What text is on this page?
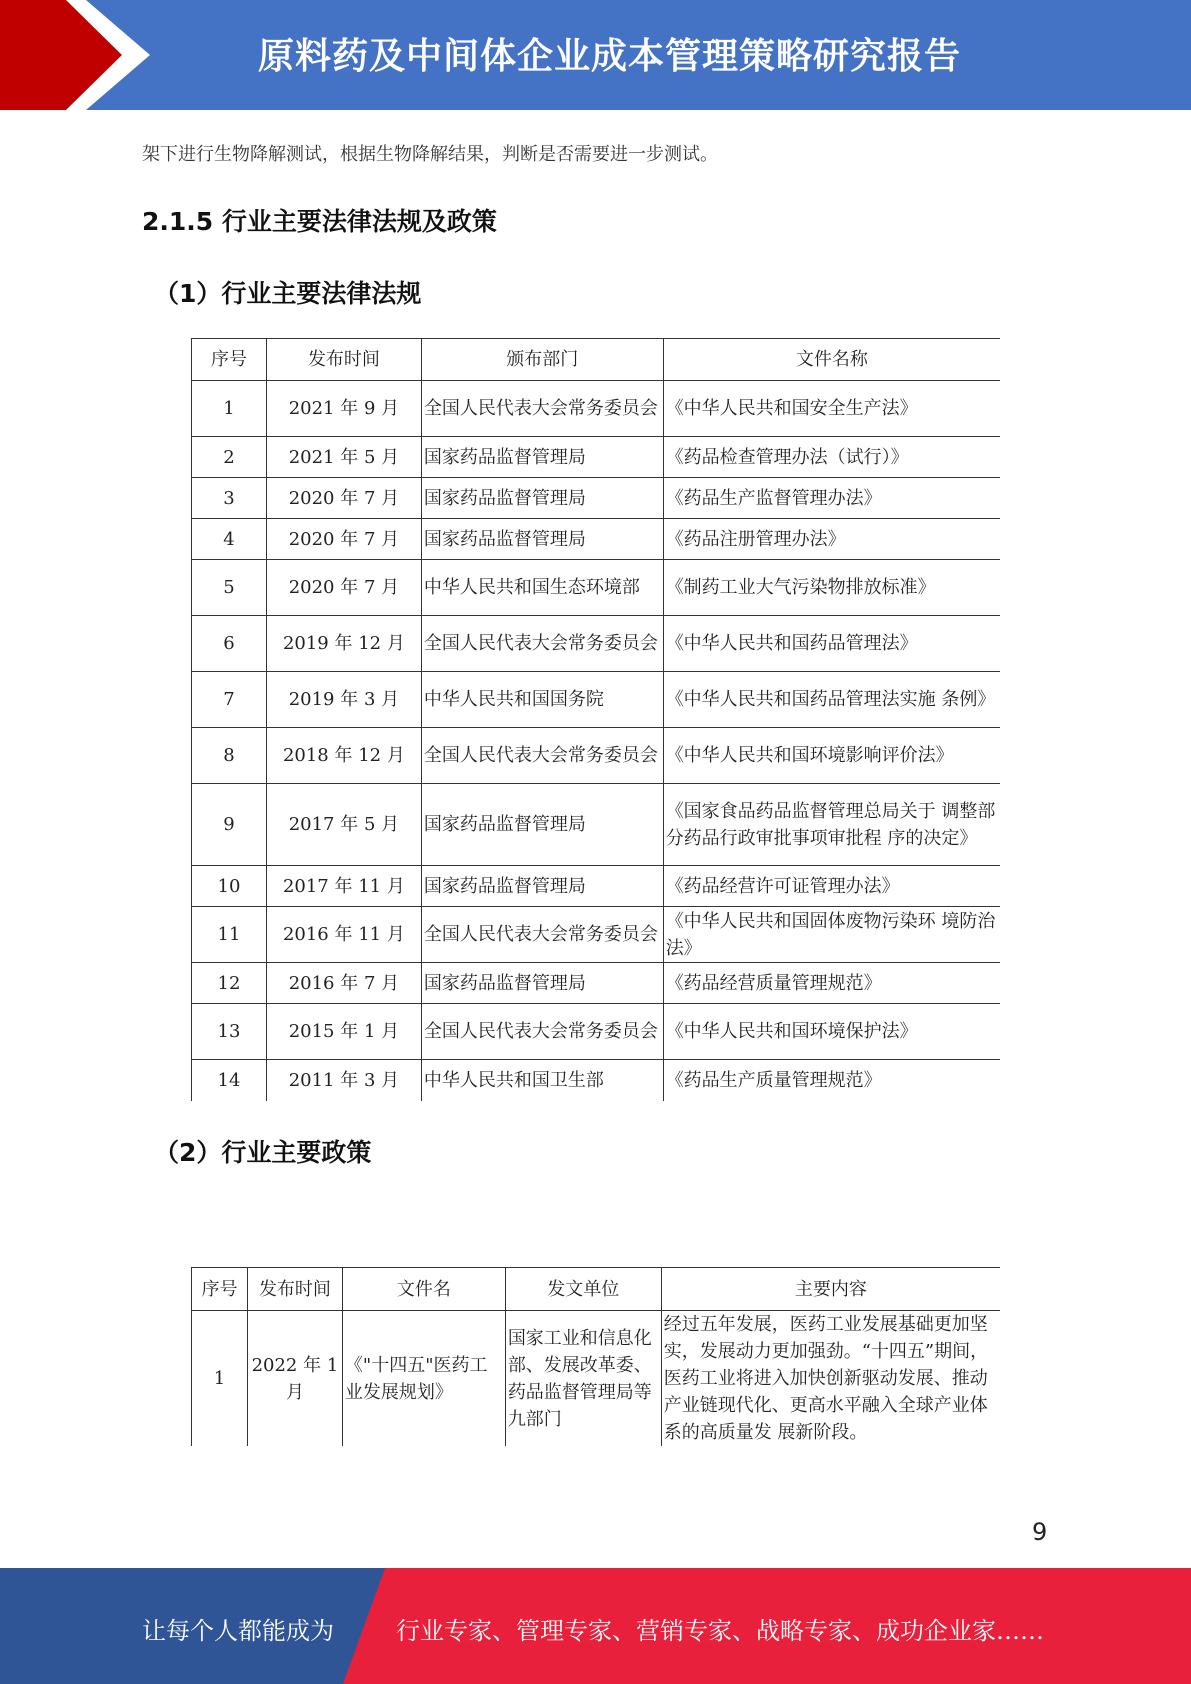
原料药及中间体企业成本管理策略研究报告
架下进行生物降解测试，根据生物降解结果，判断是否需要进一步测试。
2.1.5 行业主要法律法规及政策
（1）行业主要法律法规
序号	发布时间	颁布部门	文件名称
1	2021 年 9 月	全国人民代表大会常务委员会	《中华人民共和国安全生产法》
2	2021 年 5 月	国家药品监督管理局	《药品检查管理办法（试行）》
3	2020 年 7 月	国家药品监督管理局	《药品生产监督管理办法》
4	2020 年 7 月	国家药品监督管理局	《药品注册管理办法》
5	2020 年 7 月	中华人民共和国生态环境部	《制药工业大气污染物排放标准》
6	2019 年 12 月	全国人民代表大会常务委员会	《中华人民共和国药品管理法》
7	2019 年 3 月	中华人民共和国国务院	《中华人民共和国药品管理法实施 条例》
8	2018 年 12 月	全国人民代表大会常务委员会	《中华人民共和国环境影响评价法》
9	2017 年 5 月	国家药品监督管理局	《国家食品药品监督管理总局关于 调整部分药品行政审批事项审批程 序的决定》
10	2017 年 11 月	国家药品监督管理局	《药品经营许可证管理办法》
11	2016 年 11 月	全国人民代表大会常务委员会	《中华人民共和国固体废物污染环 境防治法》
12	2016 年 7 月	国家药品监督管理局	《药品经营质量管理规范》
13	2015 年 1 月	全国人民代表大会常务委员会	《中华人民共和国环境保护法》
14	2011 年 3 月	中华人民共和国卫生部	《药品生产质量管理规范》
（2）行业主要政策
序号	发布时间	文件名	发文单位	主要内容
1	2022 年 1 月	《"十四五"医药工业发展规划》	国家工业和信息化部、发展改革委、药品监督管理局等九部门	经过五年发展，医药工业发展基础更加坚实，发展动力更加强劲。“十四五”期间，医药工业将进入加快创新驱动发展、推动产业链现代化、更高水平融入全球产业体系的高质量发 展新阶段。
9
让每个人都能成为	行业专家、管理专家、营销专家、战略专家、成功企业家……
